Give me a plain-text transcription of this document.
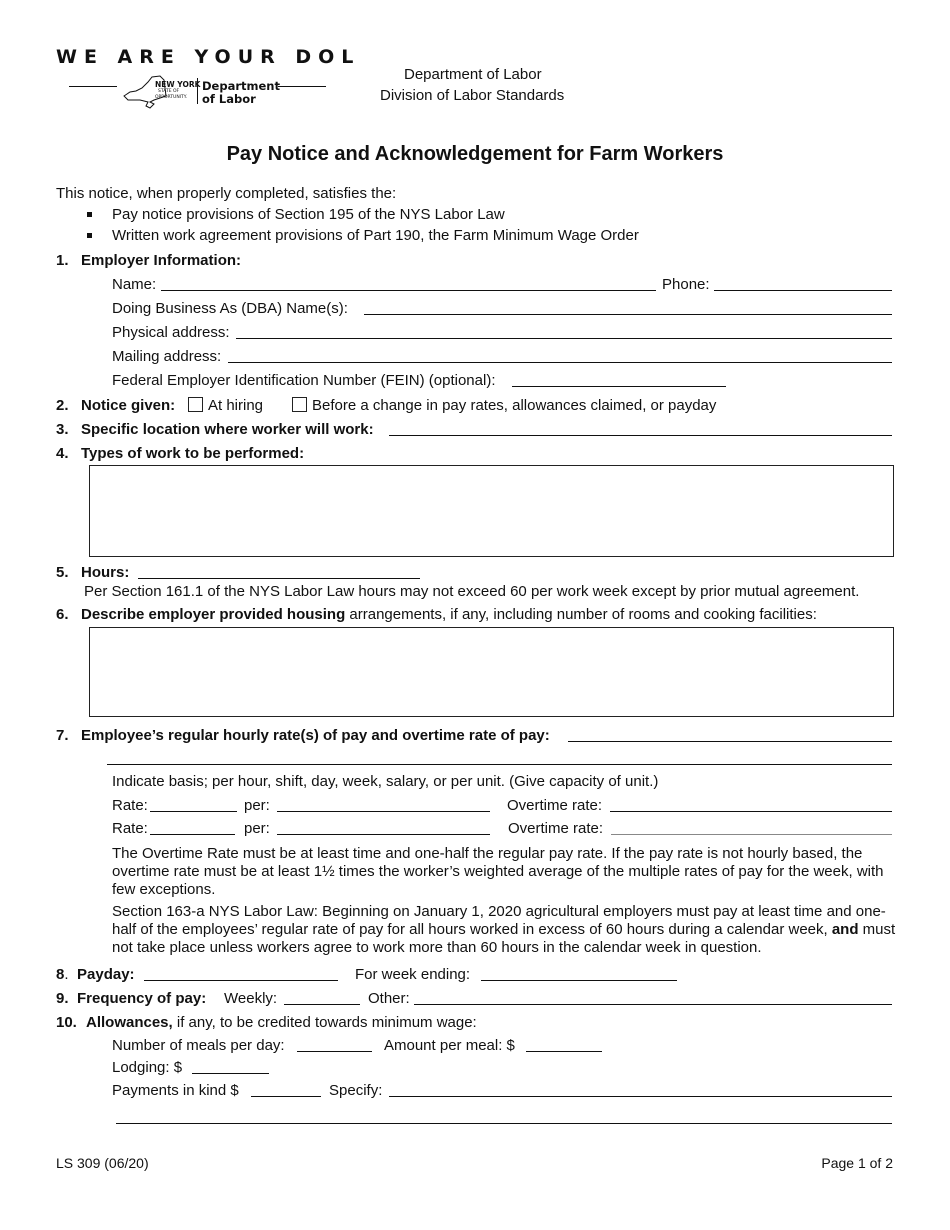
WE ARE YOUR DOL
NEW YORK
STATE OF
OPPORTUNITY.
Department
of Labor
Department of Labor
Division of Labor Standards
Pay Notice and Acknowledgement for Farm Workers
This notice, when properly completed, satisfies the:
Pay notice provisions of Section 195 of the NYS Labor Law
Written work agreement provisions of Part 190, the Farm Minimum Wage Order
1. Employer Information:
Name:	Phone:
Doing Business As (DBA) Name(s):
Physical address:
Mailing address:
Federal Employer Identification Number (FEIN) (optional):
2. Notice given:	At hiring	Before a change in pay rates, allowances claimed, or payday
3. Specific location where worker will work:
4. Types of work to be performed:
5. Hours:
Per Section 161.1 of the NYS Labor Law hours may not exceed 60 per work week except by prior mutual agreement.
6. Describe employer provided housing arrangements, if any, including number of rooms and cooking facilities:
7. Employee’s regular hourly rate(s) of pay and overtime rate of pay:
Indicate basis; per hour, shift, day, week, salary, or per unit. (Give capacity of unit.)
Rate:	per:	Overtime rate:
Rate:	per:	Overtime rate:
The Overtime Rate must be at least time and one-half the regular pay rate. If the pay rate is not hourly based, the overtime rate must be at least 1½ times the worker’s weighted average of the multiple rates of pay for the week, with few exceptions.
Section 163-a NYS Labor Law: Beginning on January 1, 2020 agricultural employers must pay at least time and one-half of the employees’ regular rate of pay for all hours worked in excess of 60 hours during a calendar week, and must not take place unless workers agree to work more than 60 hours in the calendar week in question.
8. Payday:	For week ending:
9. Frequency of pay: Weekly:	Other:
10. Allowances, if any, to be credited towards minimum wage:
Number of meals per day:	Amount per meal: $
Lodging: $
Payments in kind $	Specify:
LS 309 (06/20)	Page 1 of 2
